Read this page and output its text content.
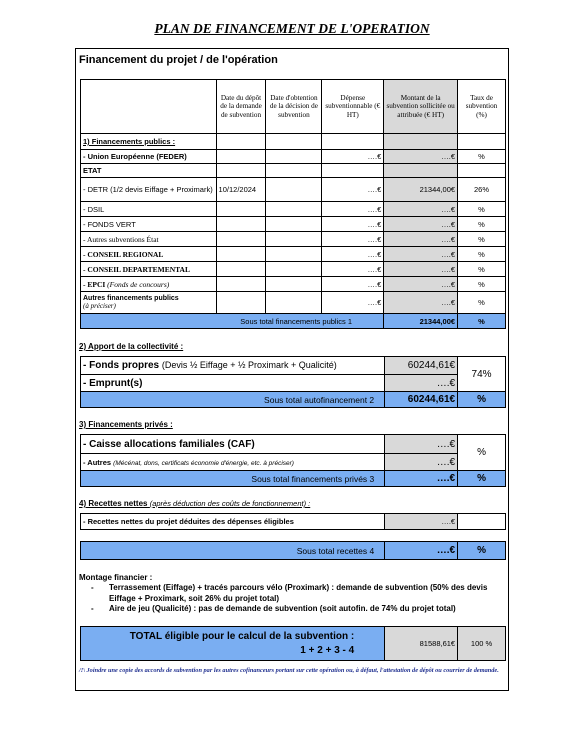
PLAN DE FINANCEMENT DE L'OPERATION
Financement du projet / de l'opération
	Date du dépôt de la demande de subvention	Date d'obtention de la décision de subvention	Dépense subventionnable (€ HT)	Montant de la subvention sollicitée ou attribuée (€ HT)	Taux de subvention (%)
1) Financements publics :					
- Union Européenne (FEDER)			….€	….€	%
ETAT					
- DETR (1/2 devis Eiffage + Proximark)	10/12/2024		….€	21344,00€	26%
- DSIL			….€	….€	%
- FONDS VERT			….€	….€	%
- Autres subventions État			….€	….€	%
- CONSEIL REGIONAL			….€	….€	%
- CONSEIL DEPARTEMENTAL			….€	….€	%
- EPCI (Fonds de concours)			….€	….€	%
Autres financements publics
(à préciser)			….€	….€	%
Sous total financements publics 1				21344,00€	%
2) Apport de la collectivité :
- Fonds propres (Devis ½ Eiffage + ½ Proximark + Qualicité)	60244,61€	74%
- Emprunt(s)	….€	
Sous total autofinancement 2	60244,61€	%
3) Financements privés :
- Caisse allocations familiales (CAF)	….€	%
- Autres (Mécénat, dons, certificats économie d'énergie, etc. à préciser)	….€	
Sous total financements privés 3	….€	%
4) Recettes nettes (après déduction des coûts de fonctionnement) :
- Recettes nettes du projet déduites des dépenses éligibles	….€	
Sous total recettes 4	….€	%
Montage financier :
- Terrassement (Eiffage) + tracés parcours vélo (Proximark) : demande de subvention (50% des devis Eiffage + Proximark, soit 26% du projet total)
- Aire de jeu (Qualicité) : pas de demande de subvention (soit autofin. de 74% du projet total)
TOTAL éligible pour le calcul de la subvention :
1 + 2 + 3 - 4	81588,61€	100 %
/!\ Joindre une copie des accords de subvention par les autres cofinanceurs portant sur cette opération ou, à défaut, l'attestation de dépôt ou courrier de demande.
